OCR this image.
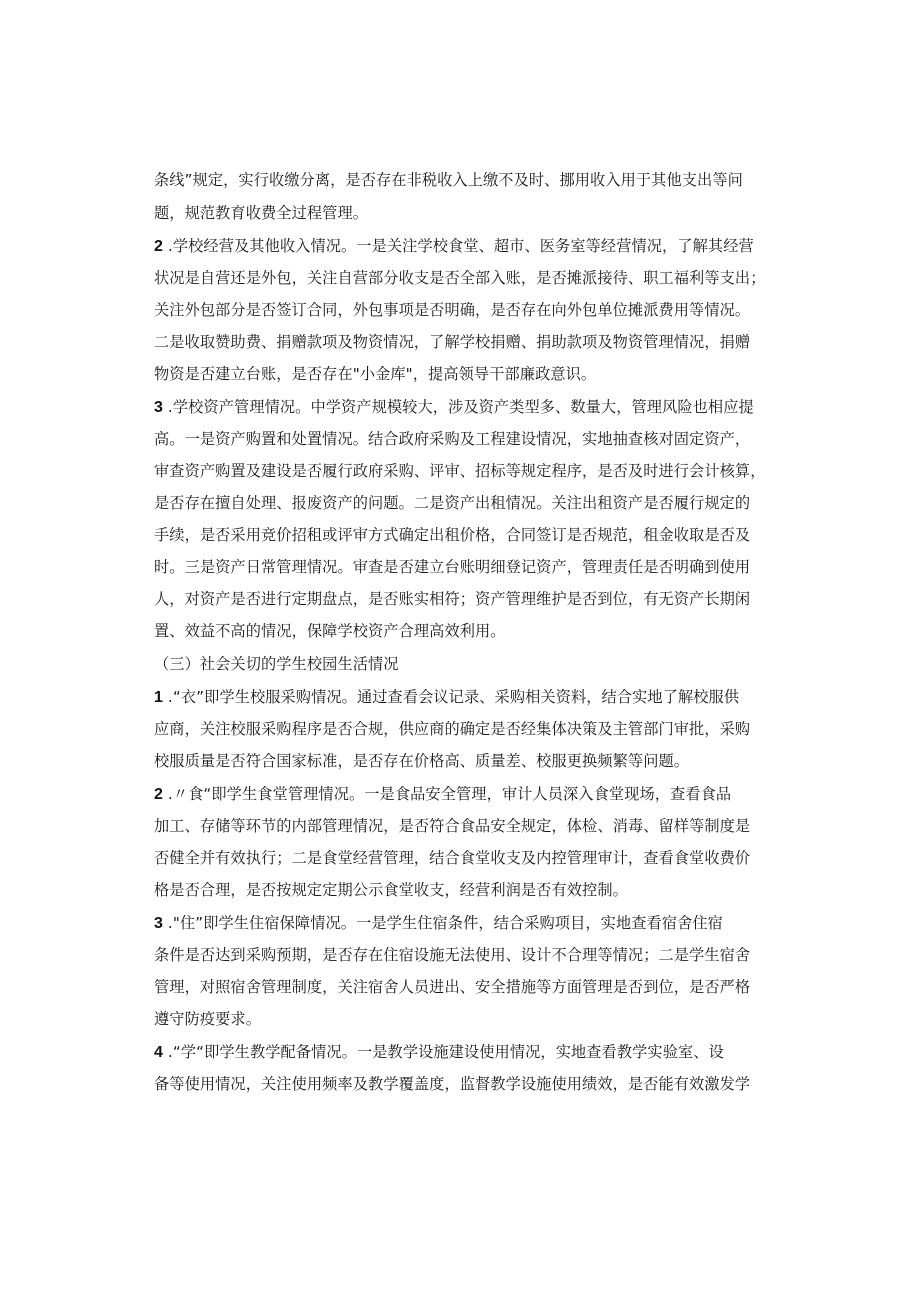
条线”规定，实行收缴分离，是否存在非税收入上缴不及时、挪用收入用于其他支出等问
题，规范教育收费全过程管理。
2 .学校经营及其他收入情况。一是关注学校食堂、超市、医务室等经营情况，了解其经营
状况是自营还是外包，关注自营部分收支是否全部入账，是否摊派接待、职工福利等支出；
关注外包部分是否签订合同，外包事项是否明确，是否存在向外包单位摊派费用等情况。
二是收取赞助费、捐赠款项及物资情况，了解学校捐赠、捐助款项及物资管理情况，捐赠
物资是否建立台账，是否存在"小金库"，提高领导干部廉政意识。
3 .学校资产管理情况。中学资产规模较大，涉及资产类型多、数量大，管理风险也相应提
高。一是资产购置和处置情况。结合政府采购及工程建设情况，实地抽查核对固定资产，
审查资产购置及建设是否履行政府采购、评审、招标等规定程序，是否及时进行会计核算，
是否存在擅自处理、报废资产的问题。二是资产出租情况。关注出租资产是否履行规定的
手续，是否采用竞价招租或评审方式确定出租价格，合同签订是否规范，租金收取是否及
时。三是资产日常管理情况。审查是否建立台账明细登记资产，管理责任是否明确到使用
人，对资产是否进行定期盘点，是否账实相符；资产管理维护是否到位，有无资产长期闲
置、效益不高的情况，保障学校资产合理高效利用。
（三）社会关切的学生校园生活情况
1 .“衣”即学生校服采购情况。通过查看会议记录、采购相关资料，结合实地了解校服供
应商，关注校服采购程序是否合规，供应商的确定是否经集体决策及主管部门审批，采购
校服质量是否符合国家标准，是否存在价格高、质量差、校服更换频繁等问题。
2 .〃食“即学生食堂管理情况。一是食品安全管理，审计人员深入食堂现场，查看食品
加工、存储等环节的内部管理情况，是否符合食品安全规定，体检、消毒、留样等制度是
否健全并有效执行；二是食堂经营管理，结合食堂收支及内控管理审计，查看食堂收费价
格是否合理，是否按规定定期公示食堂收支，经营利润是否有效控制。
3 ."住”即学生住宿保障情况。一是学生住宿条件，结合采购项目，实地查看宿舍住宿
条件是否达到采购预期，是否存在住宿设施无法使用、设计不合理等情况；二是学生宿舍
管理，对照宿舍管理制度，关注宿舍人员进出、安全措施等方面管理是否到位，是否严格
遵守防疫要求。
4 .“学“即学生教学配备情况。一是教学设施建设使用情况，实地查看教学实验室、设
备等使用情况，关注使用频率及教学覆盖度，监督教学设施使用绩效，是否能有效激发学
